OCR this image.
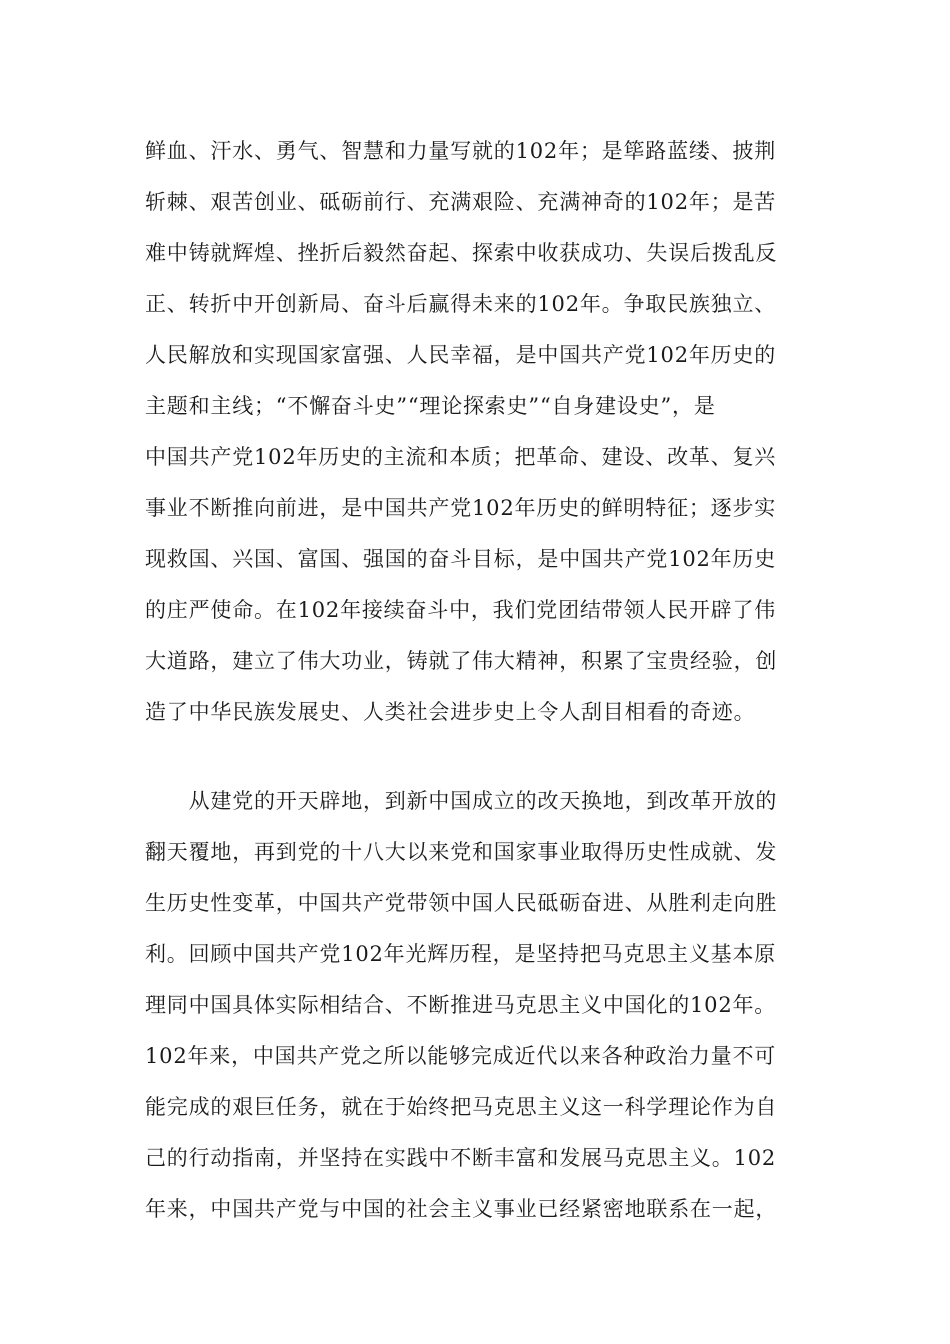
鲜血、汗水、勇气、智慧和力量写就的102年；是筚路蓝缕、披荆
斩棘、艰苦创业、砥砺前行、充满艰险、充满神奇的102年；是苦
难中铸就辉煌、挫折后毅然奋起、探索中收获成功、失误后拨乱反
正、转折中开创新局、奋斗后赢得未来的102年。争取民族独立、
人民解放和实现国家富强、人民幸福，是中国共产党102年历史的
主题和主线；“不懈奋斗史”“理论探索史”“自身建设史”，是
中国共产党102年历史的主流和本质；把革命、建设、改革、复兴
事业不断推向前进，是中国共产党102年历史的鲜明特征；逐步实
现救国、兴国、富国、强国的奋斗目标，是中国共产党102年历史
的庄严使命。在102年接续奋斗中，我们党团结带领人民开辟了伟
大道路，建立了伟大功业，铸就了伟大精神，积累了宝贵经验，创
造了中华民族发展史、人类社会进步史上令人刮目相看的奇迹。
　　从建党的开天辟地，到新中国成立的改天换地，到改革开放的
翻天覆地，再到党的十八大以来党和国家事业取得历史性成就、发
生历史性变革，中国共产党带领中国人民砥砺奋进、从胜利走向胜
利。回顾中国共产党102年光辉历程，是坚持把马克思主义基本原
理同中国具体实际相结合、不断推进马克思主义中国化的102年。
102年来，中国共产党之所以能够完成近代以来各种政治力量不可
能完成的艰巨任务，就在于始终把马克思主义这一科学理论作为自
己的行动指南，并坚持在实践中不断丰富和发展马克思主义。102
年来，中国共产党与中国的社会主义事业已经紧密地联系在一起，
